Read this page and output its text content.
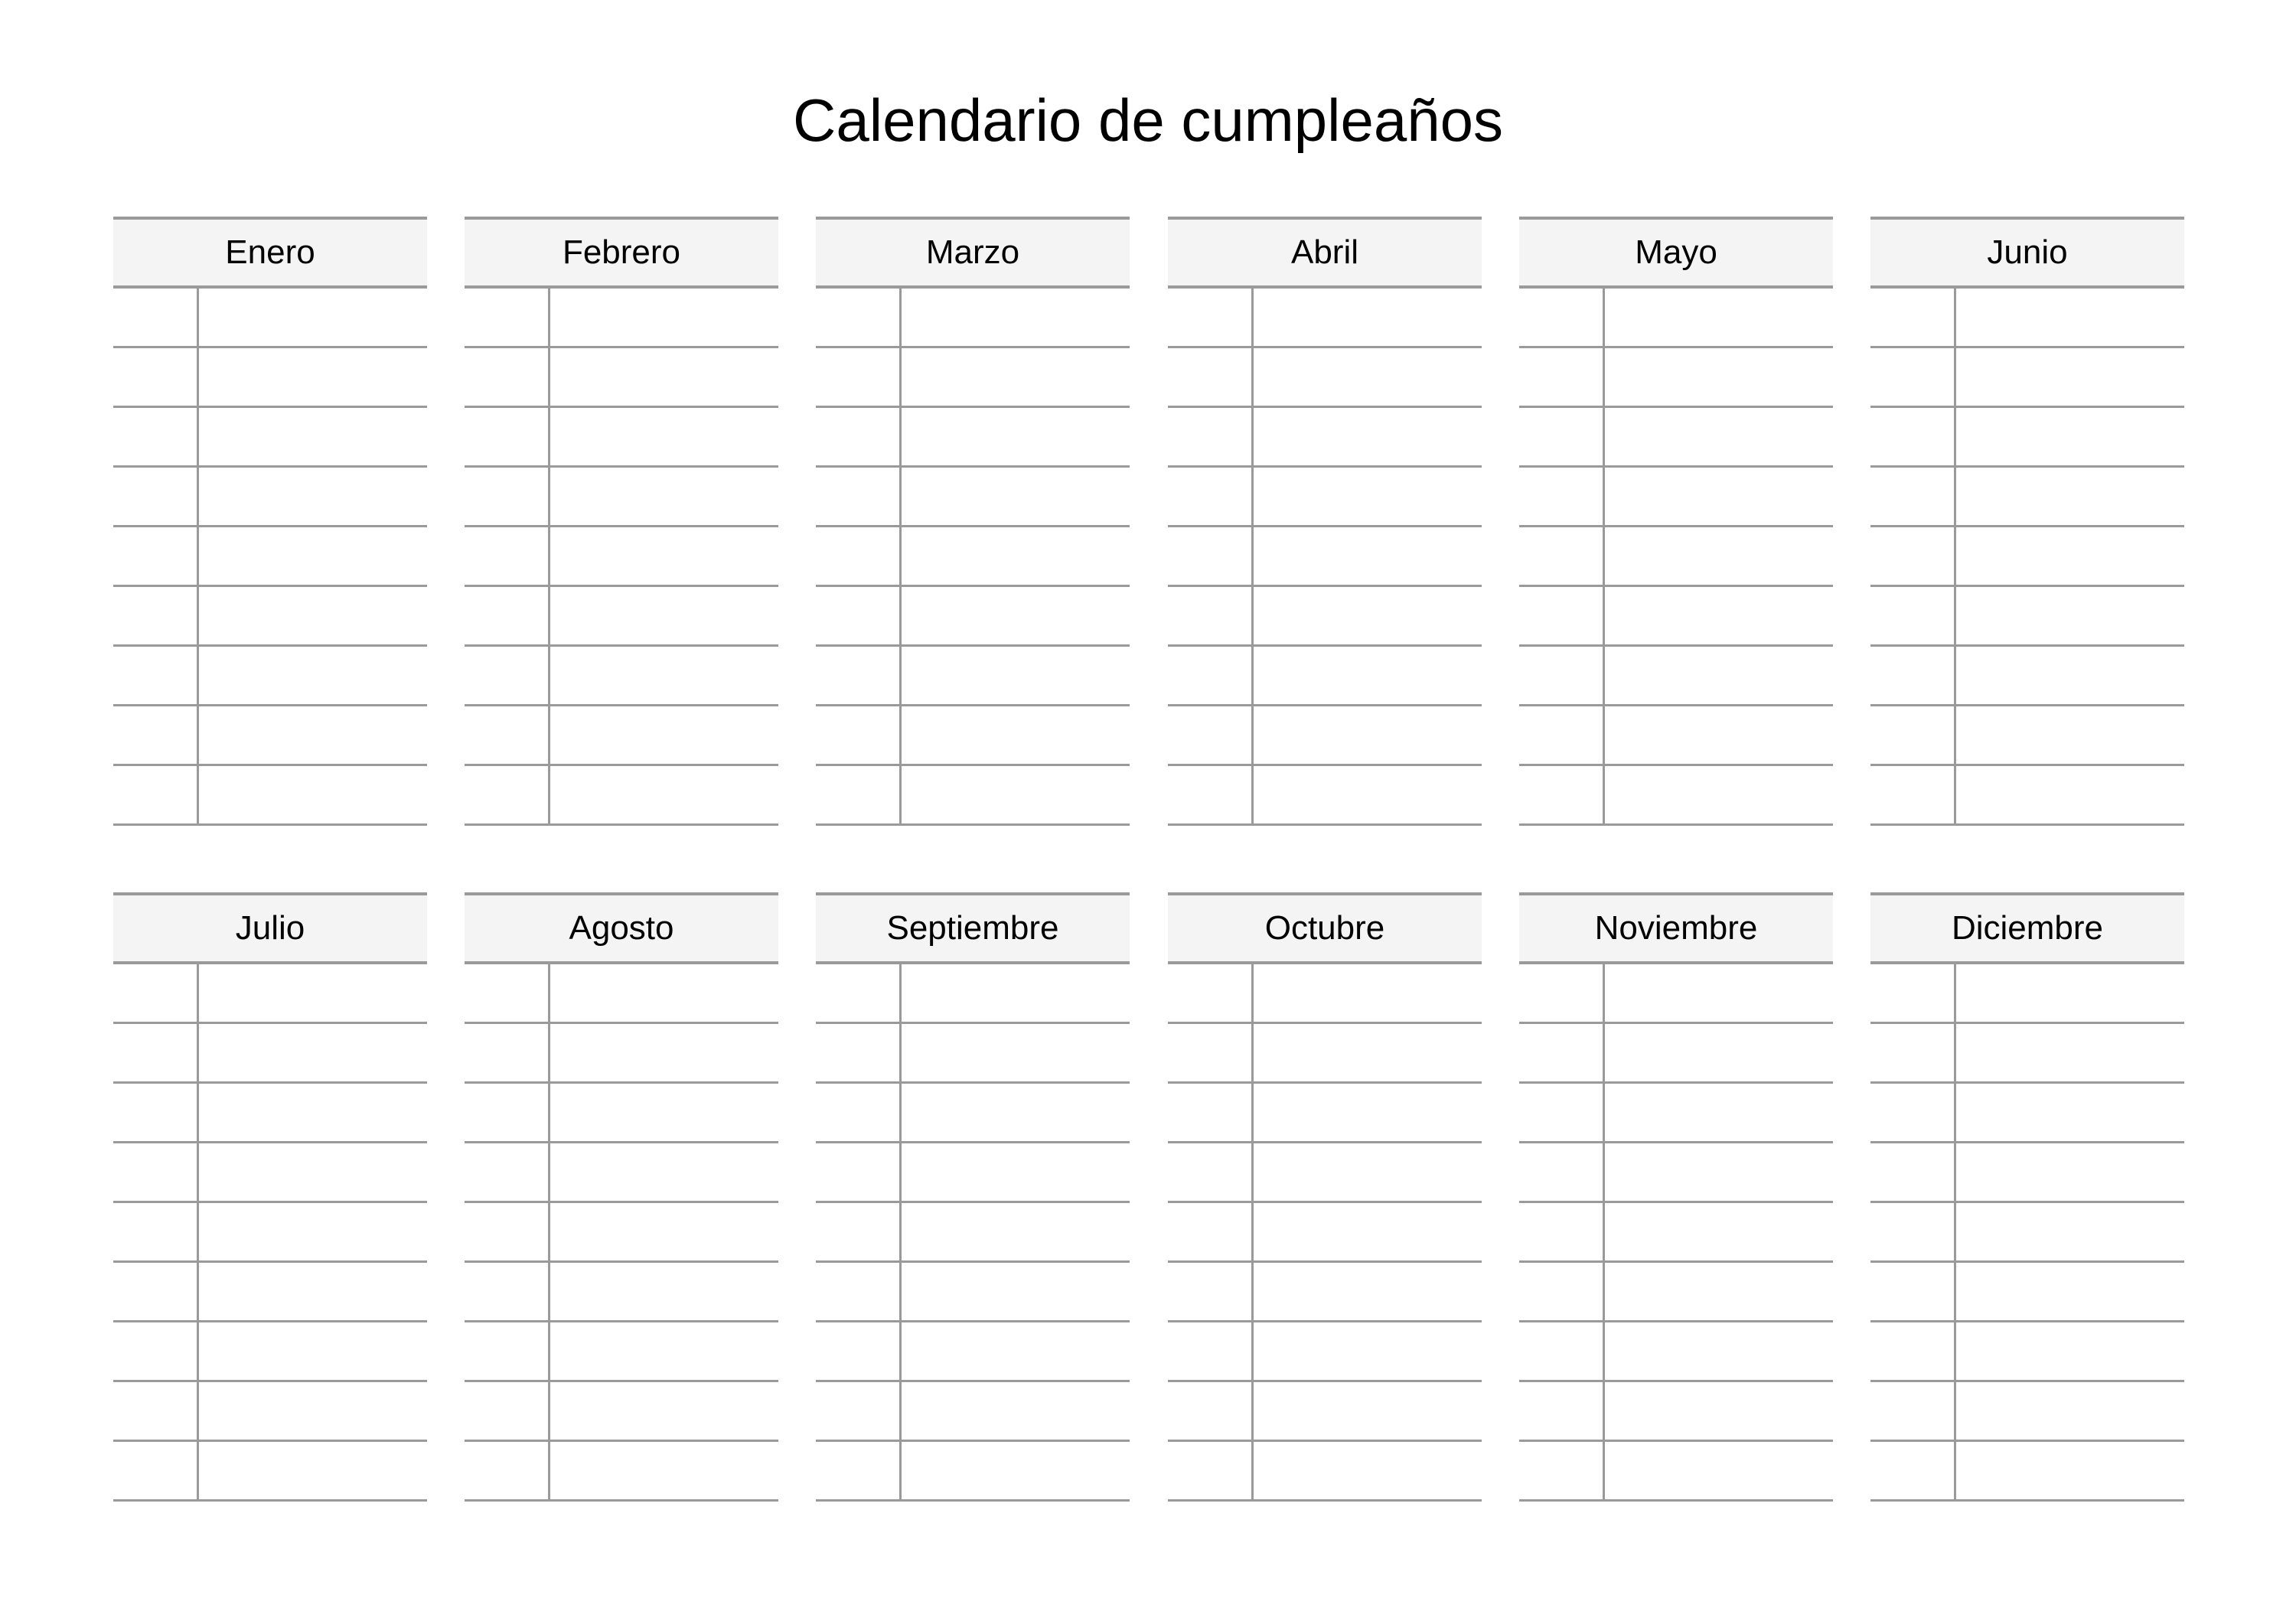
Calendario de cumpleaños
Enero	Febrero	Marzo	Abril	Mayo	Junio
Julio	Agosto	Septiembre	Octubre	Noviembre	Diciembre
